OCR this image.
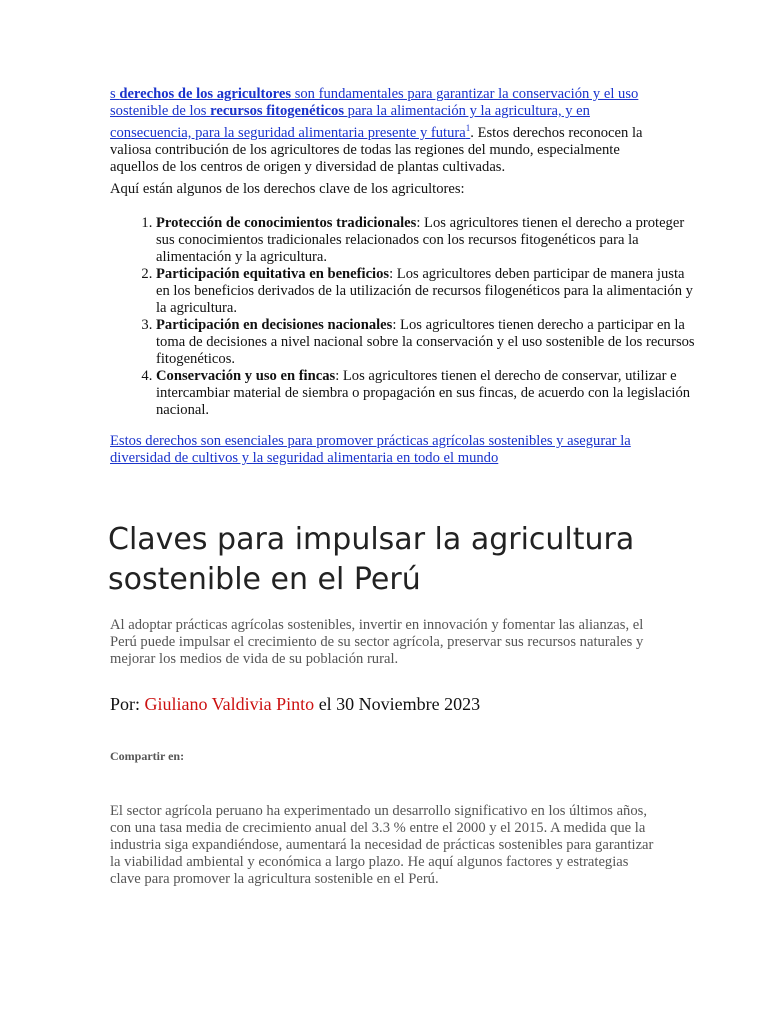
s derechos de los agricultores son fundamentales para garantizar la conservación y el uso sostenible de los recursos fitogenéticos para la alimentación y la agricultura, y en consecuencia, para la seguridad alimentaria presente y futura$^1$. Estos derechos reconocen la valiosa contribución de los agricultores de todas las regiones del mundo, especialmente aquellos de los centros de origen y diversidad de plantas cultivadas.

Aquí están algunos de los derechos clave de los agricultores:

1. Protección de conocimientos tradicionales: Los agricultores tienen el derecho a proteger sus conocimientos tradicionales relacionados con los recursos fitogenéticos para la alimentación y la agricultura.
2. Participación equitativa en beneficios: Los agricultores deben participar de manera justa en los beneficios derivados de la utilización de recursos filogenéticos para la alimentación y la agricultura.
3. Participación en decisiones nacionales: Los agricultores tienen derecho a participar en la toma de decisiones a nivel nacional sobre la conservación y el uso sostenible de los recursos fitogenéticos.
4. Conservación y uso en fincas: Los agricultores tienen el derecho de conservar, utilizar e intercambiar material de siembra o propagación en sus fincas, de acuerdo con la legislación nacional.

Estos derechos son esenciales para promover prácticas agrícolas sostenibles y asegurar la diversidad de cultivos y la seguridad alimentaria en todo el mundo

Claves para impulsar la agricultura sostenible en el Perú

Al adoptar prácticas agrícolas sostenibles, invertir en innovación y fomentar las alianzas, el Perú puede impulsar el crecimiento de su sector agrícola, preservar sus recursos naturales y mejorar los medios de vida de su población rural.

Por: Giuliano Valdivia Pinto el 30 Noviembre 2023

Compartir en:

El sector agrícola peruano ha experimentado un desarrollo significativo en los últimos años, con una tasa media de crecimiento anual del 3.3 % entre el 2000 y el 2015. A medida que la industria siga expandiéndose, aumentará la necesidad de prácticas sostenibles para garantizar la viabilidad ambiental y económica a largo plazo. He aquí algunos factores y estrategias clave para promover la agricultura sostenible en el Perú.
